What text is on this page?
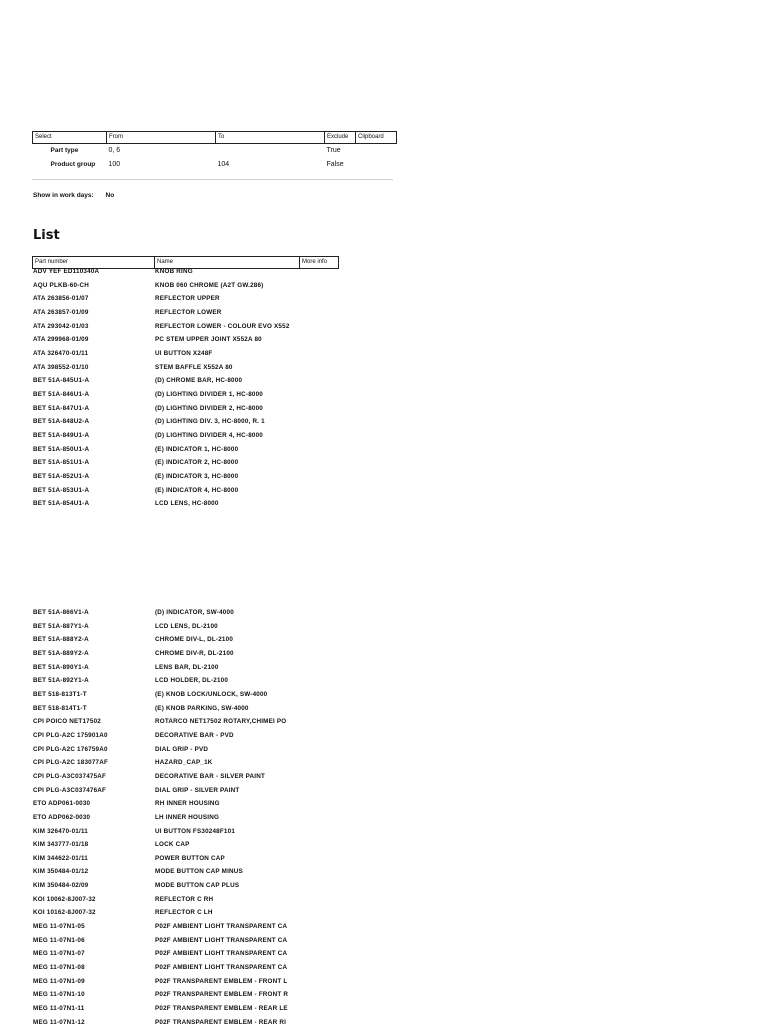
Select	From	To	Exclude	Clipboard
Part type	0, 6		True	
Product group	100	104	False	
Show in work days: No
List
Part number	Name	More info
ADV YEF ED110340A	KNOB RING
AQU PLKB-60-CH	KNOB 060 CHROME (A2T GW.286)
ATA 263856-01/07	REFLECTOR UPPER
ATA 263857-01/09	REFLECTOR LOWER
ATA 293042-01/03	REFLECTOR LOWER - COLOUR EVO X552
ATA 299968-01/09	PC STEM UPPER JOINT X552A 80
ATA 326470-01/11	UI BUTTON X248F
ATA 398552-01/10	STEM BAFFLE X552A 80
BET 51A-845U1-A	(D) CHROME BAR, HC-8000
BET 51A-846U1-A	(D) LIGHTING DIVIDER 1, HC-8000
BET 51A-847U1-A	(D) LIGHTING DIVIDER 2, HC-8000
BET 51A-848U2-A	(D) LIGHTING DIV. 3, HC-8000, R. 1
BET 51A-849U1-A	(D) LIGHTING DIVIDER 4, HC-8000
BET 51A-850U1-A	(E) INDICATOR 1, HC-8000
BET 51A-851U1-A	(E) INDICATOR 2, HC-8000
BET 51A-852U1-A	(E) INDICATOR 3, HC-8000
BET 51A-853U1-A	(E) INDICATOR 4, HC-8000
BET 51A-854U1-A	LCD LENS, HC-8000
BET 51A-866V1-A	(D) INDICATOR, SW-4000
BET 51A-887Y1-A	LCD LENS, DL-2100
BET 51A-888Y2-A	CHROME DIV-L, DL-2100
BET 51A-889Y2-A	CHROME DIV-R, DL-2100
BET 51A-890Y1-A	LENS BAR, DL-2100
BET 51A-892Y1-A	LCD HOLDER, DL-2100
BET 518-813T1-T	(E) KNOB LOCK/UNLOCK, SW-4000
BET 518-814T1-T	(E) KNOB PARKING, SW-4000
CPI POICO NET17502	ROTARCO NET17502 ROTARY,CHIMEI PO
CPI PLG-A2C 175901A0	DECORATIVE BAR - PVD
CPI PLG-A2C 176759A0	DIAL GRIP - PVD
CPI PLG-A2C 183077AF	HAZARD_CAP_1K
CPI PLG-A3C037475AF	DECORATIVE BAR - SILVER PAINT
CPI PLG-A3C037476AF	DIAL GRIP - SILVER PAINT
ETO ADP061-0030	RH INNER HOUSING
ETO ADP062-0030	LH INNER HOUSING
KIM 326470-01/11	UI BUTTON FS30248F101
KIM 343777-01/18	LOCK CAP
KIM 344622-01/11	POWER BUTTON CAP
KIM 350484-01/12	MODE BUTTON CAP MINUS
KIM 350484-02/09	MODE BUTTON CAP PLUS
KOI 10062-8J007-32	REFLECTOR C RH
KOI 10162-8J007-32	REFLECTOR C LH
MEG 11-07N1-05	P02F AMBIENT LIGHT TRANSPARENT CA
MEG 11-07N1-06	P02F AMBIENT LIGHT TRANSPARENT CA
MEG 11-07N1-07	P02F AMBIENT LIGHT TRANSPARENT CA
MEG 11-07N1-08	P02F AMBIENT LIGHT TRANSPARENT CA
MEG 11-07N1-09	P02F TRANSPARENT EMBLEM - FRONT L
MEG 11-07N1-10	P02F TRANSPARENT EMBLEM - FRONT R
MEG 11-07N1-11	P02F TRANSPARENT EMBLEM - REAR LE
MEG 11-07N1-12	P02F TRANSPARENT EMBLEM - REAR RI
